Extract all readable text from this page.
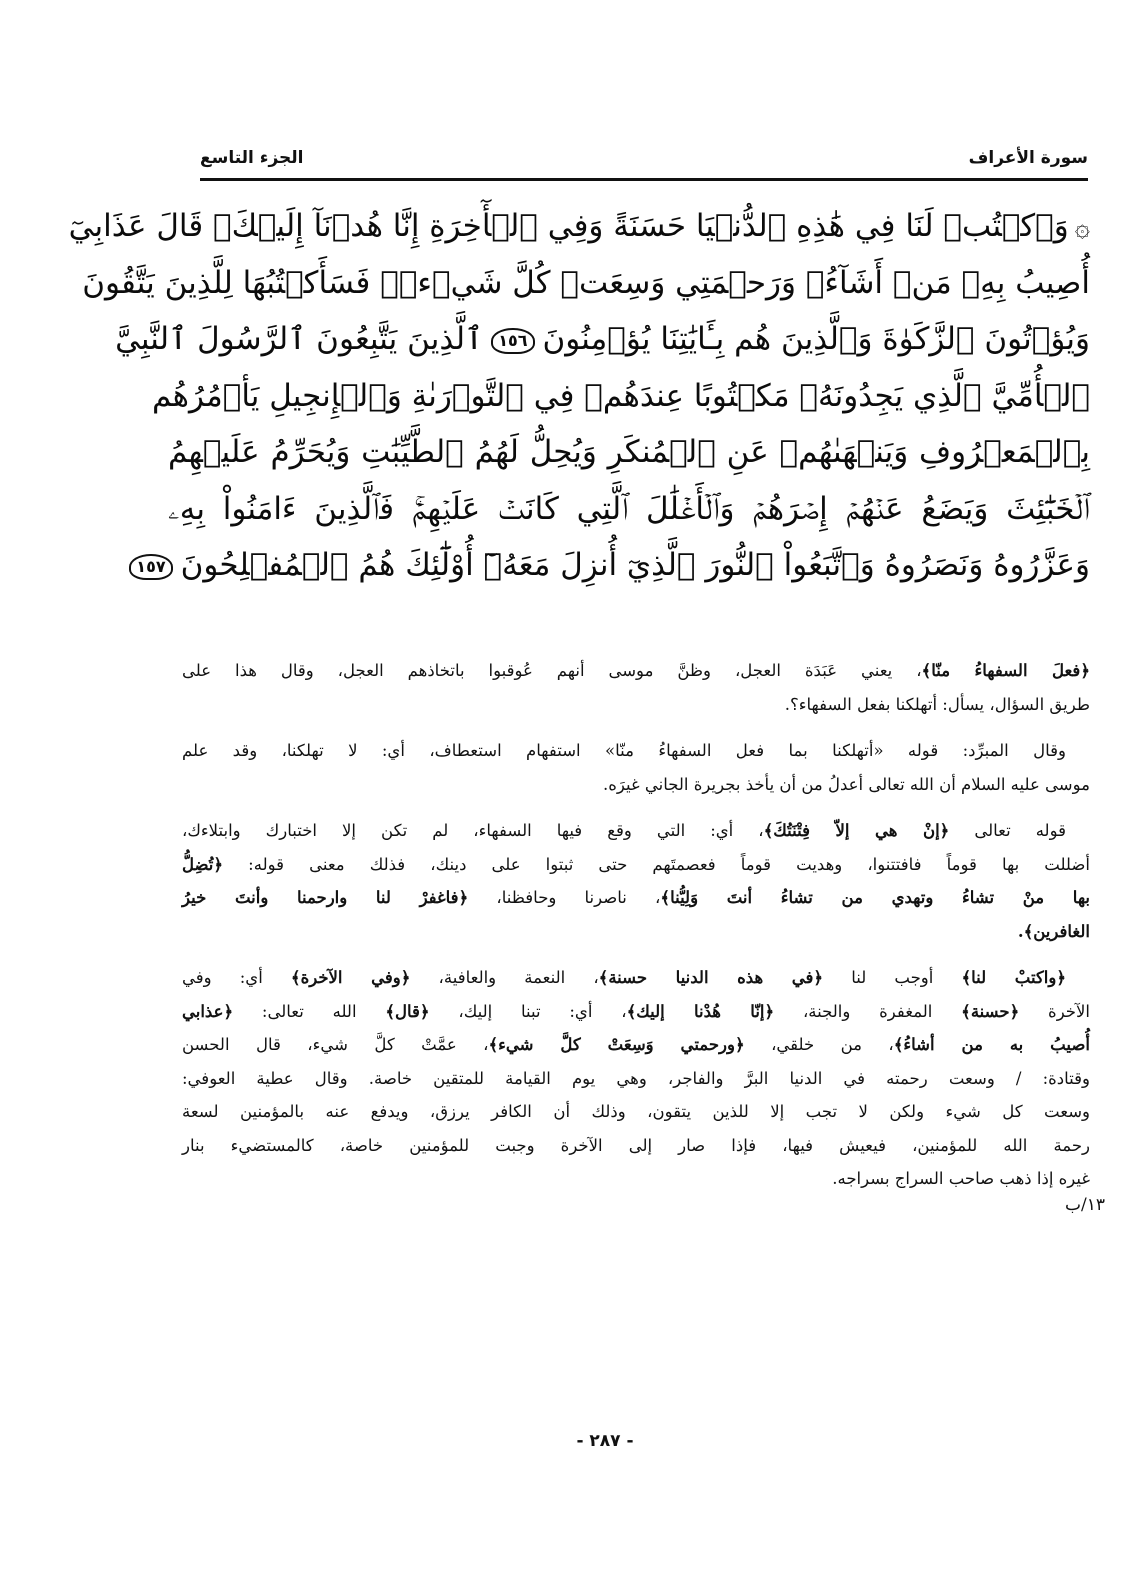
سورة الأعراف
الجزء التاسع
۞وَٱكۡتُبۡ لَنَا فِي هَٰذِهِ ٱلدُّنۡيَا حَسَنَةً وَفِي ٱلۡأٓخِرَةِ إِنَّا هُدۡنَآ إِلَيۡكَۚ قَالَ عَذَابِيٓ
أُصِيبُ بِهِۦ مَنۡ أَشَآءُۖ وَرَحۡمَتِي وَسِعَتۡ كُلَّ شَيۡءٖۚ فَسَأَكۡتُبُهَا لِلَّذِينَ يَتَّقُونَ
وَيُؤۡتُونَ ٱلزَّكَوٰةَ وَٱلَّذِينَ هُم بِـَٔايَٰتِنَا يُؤۡمِنُونَ١٥٦ٱلَّذِينَ يَتَّبِعُونَ ٱلرَّسُولَ ٱلنَّبِيَّ
ٱلۡأُمِّيَّ ٱلَّذِي يَجِدُونَهُۥ مَكۡتُوبًا عِندَهُمۡ فِي ٱلتَّوۡرَىٰةِ وَٱلۡإِنجِيلِ يَأۡمُرُهُم
بِٱلۡمَعۡرُوفِ وَيَنۡهَىٰهُمۡ عَنِ ٱلۡمُنكَرِ وَيُحِلُّ لَهُمُ ٱلطَّيِّبَٰتِ وَيُحَرِّمُ عَلَيۡهِمُ
ٱلۡخَبَٰٓئِثَ وَيَضَعُ عَنۡهُمۡ إِصۡرَهُمۡ وَٱلۡأَغۡلَٰلَ ٱلَّتِي كَانَتۡ عَلَيۡهِمۡۚ فَٱلَّذِينَ ءَامَنُواْ بِهِۦ
وَعَزَّرُوهُ وَنَصَرُوهُ وَٱتَّبَعُواْ ٱلنُّورَ ٱلَّذِيٓ أُنزِلَ مَعَهُۥٓ أُوْلَٰٓئِكَ هُمُ ٱلۡمُفۡلِحُونَ١٥٧
﴿فعلَ السفهاءُ منّا﴾، يعني عَبَدَة العجل، وظنَّ موسى أنهم عُوقبوا باتخاذهم العجل، وقال هذا على
طريق السؤال، يسأل: أتهلكنا بفعل السفهاء؟.
وقال المبرِّد: قوله «أتهلكنا بما فعل السفهاءُ منّا» استفهام استعطاف، أي: لا تهلكنا، وقد علم
موسى عليه السلام أن الله تعالى أعدلُ من أن يأخذ بجريرة الجاني غيرَه.
قوله تعالى ﴿إنْ هي إلاّ فِتْنَتُكَ﴾، أي: التي وقع فيها السفهاء، لم تكن إلا اختبارك وابتلاءك،
أضللت بها قوماً فافتتنوا، وهديت قوماً فعصمتَهم حتى ثبتوا على دينك، فذلك معنى قوله: ﴿تُضِلُّ
بها منْ تشاءُ وتهدي من تشاءُ أنتَ وَلِيُّنا﴾، ناصرنا وحافظنا، ﴿فاغفرْ لنا وارحمنا وأنتَ خيرُ
الغافرين﴾.
﴿واكتبْ لنا﴾ أوجب لنا ﴿في هذه الدنيا حسنة﴾، النعمة والعافية، ﴿وفي الآخرة﴾ أي: وفي
الآخرة ﴿حسنة﴾ المغفرة والجنة، ﴿إنّا هُدْنا إليك﴾، أي: تبنا إليك، ﴿قال﴾ الله تعالى: ﴿عذابي
أُصيبُ به من أشاءُ﴾، من خلقي، ﴿ورحمتي وَسِعَتْ كلَّ شيء﴾، عمَّتْ كلَّ شيء، قال الحسن
وقتادة: / وسعت رحمته في الدنيا البرَّ والفاجر، وهي يوم القيامة للمتقين خاصة. وقال عطية العوفي:
وسعت كل شيء ولكن لا تجب إلا للذين يتقون، وذلك أن الكافر يرزق، ويدفع عنه بالمؤمنين لسعة
رحمة الله للمؤمنين، فيعيش فيها، فإذا صار إلى الآخرة وجبت للمؤمنين خاصة، كالمستضيء بنار
غيره إذا ذهب صاحب السراج بسراجه.
١٣/ب
- ٢٨٧ -
